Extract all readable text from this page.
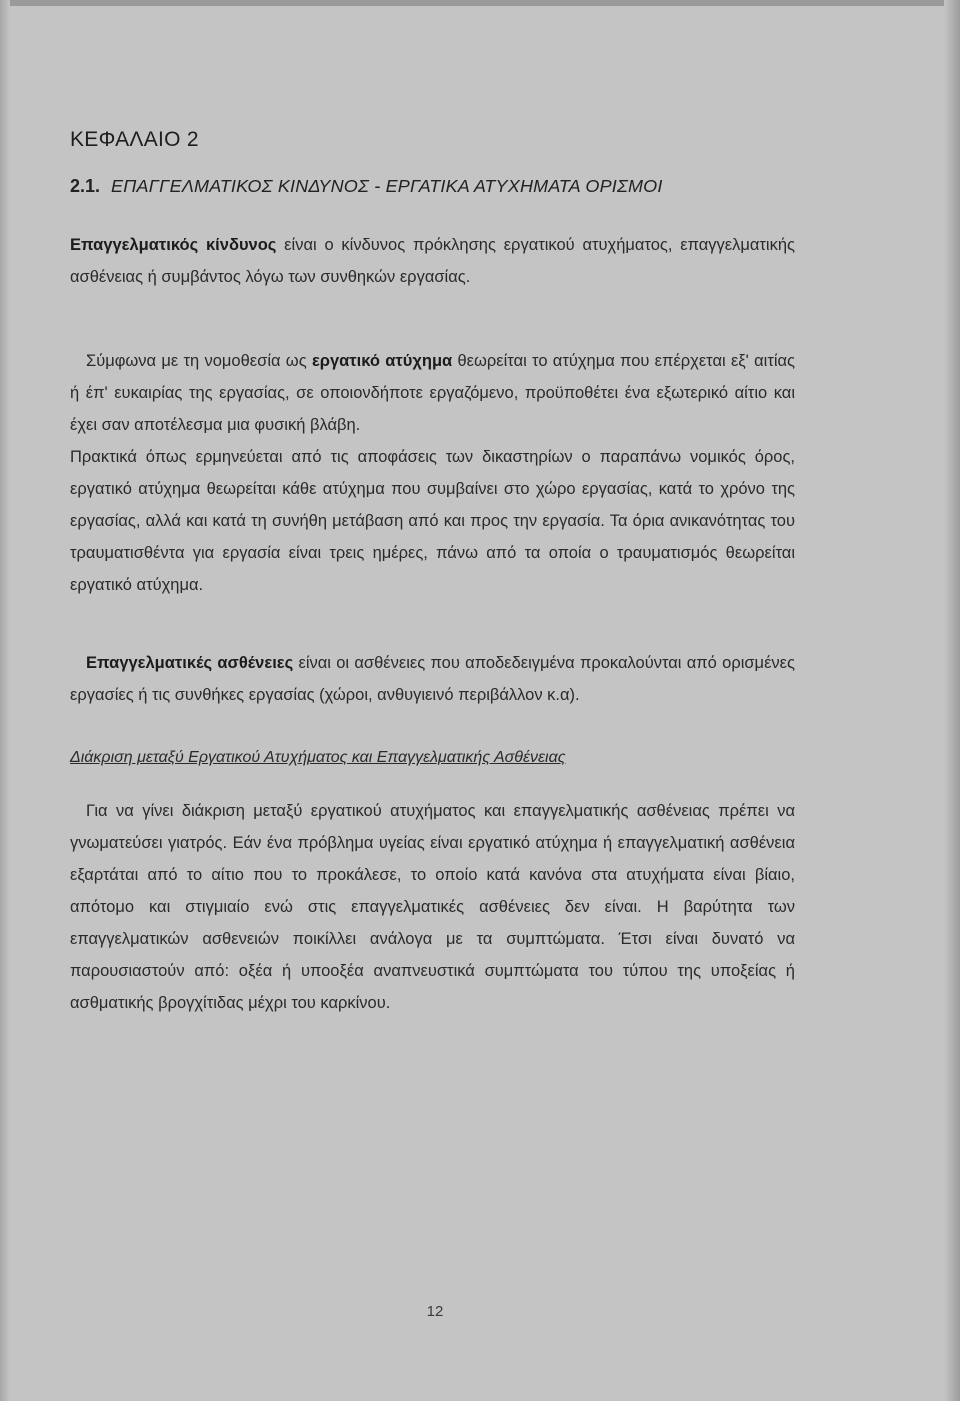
ΚΕΦΑΛΑΙΟ 2
2.1. ΕΠΑΓΓΕΛΜΑΤΙΚΟΣ ΚΙΝΔΥΝΟΣ - ΕΡΓΑΤΙΚΑ ΑΤΥΧΗΜΑΤΑ ΟΡΙΣΜΟΙ

Επαγγελματικός κίνδυνος είναι ο κίνδυνος πρόκλησης εργατικού ατυχήματος, επαγγελματικής ασθένειας ή συμβάντος λόγω των συνθηκών εργασίας.

Σύμφωνα με τη νομοθεσία ως εργατικό ατύχημα θεωρείται το ατύχημα που επέρχεται εξ' αιτίας ή έπ' ευκαιρίας της εργασίας, σε οποιονδήποτε εργαζόμενο, προϋποθέτει ένα εξωτερικό αίτιο και έχει σαν αποτέλεσμα μια φυσική βλάβη.

Πρακτικά όπως ερμηνεύεται από τις αποφάσεις των δικαστηρίων ο παραπάνω νομικός όρος, εργατικό ατύχημα θεωρείται κάθε ατύχημα που συμβαίνει στο χώρο εργασίας, κατά το χρόνο της εργασίας, αλλά και κατά τη συνήθη μετάβαση από και προς την εργασία. Τα όρια ανικανότητας του τραυματισθέντα για εργασία είναι τρεις ημέρες, πάνω από τα οποία ο τραυματισμός θεωρείται εργατικό ατύχημα.

Επαγγελματικές ασθένειες είναι οι ασθένειες που αποδεδειγμένα προκαλούνται από ορισμένες εργασίες ή τις συνθήκες εργασίας (χώροι, ανθυγιεινό περιβάλλον κ.α).

Διάκριση μεταξύ Εργατικού Ατυχήματος και Επαγγελματικής Ασθένειας

Για να γίνει διάκριση μεταξύ εργατικού ατυχήματος και επαγγελματικής ασθένειας πρέπει να γνωματεύσει γιατρός. Εάν ένα πρόβλημα υγείας είναι εργατικό ατύχημα ή επαγγελματική ασθένεια εξαρτάται από το αίτιο που το προκάλεσε, το οποίο κατά κανόνα στα ατυχήματα είναι βίαιο, απότομο και στιγμιαίο ενώ στις επαγγελματικές ασθένειες δεν είναι. Η βαρύτητα των επαγγελματικών ασθενειών ποικίλλει ανάλογα με τα συμπτώματα. Έτσι είναι δυνατό να παρουσιαστούν από: οξέα ή υποοξέα αναπνευστικά συμπτώματα του τύπου της υποξείας ή ασθματικής βρογχίτιδας μέχρι του καρκίνου.

12
